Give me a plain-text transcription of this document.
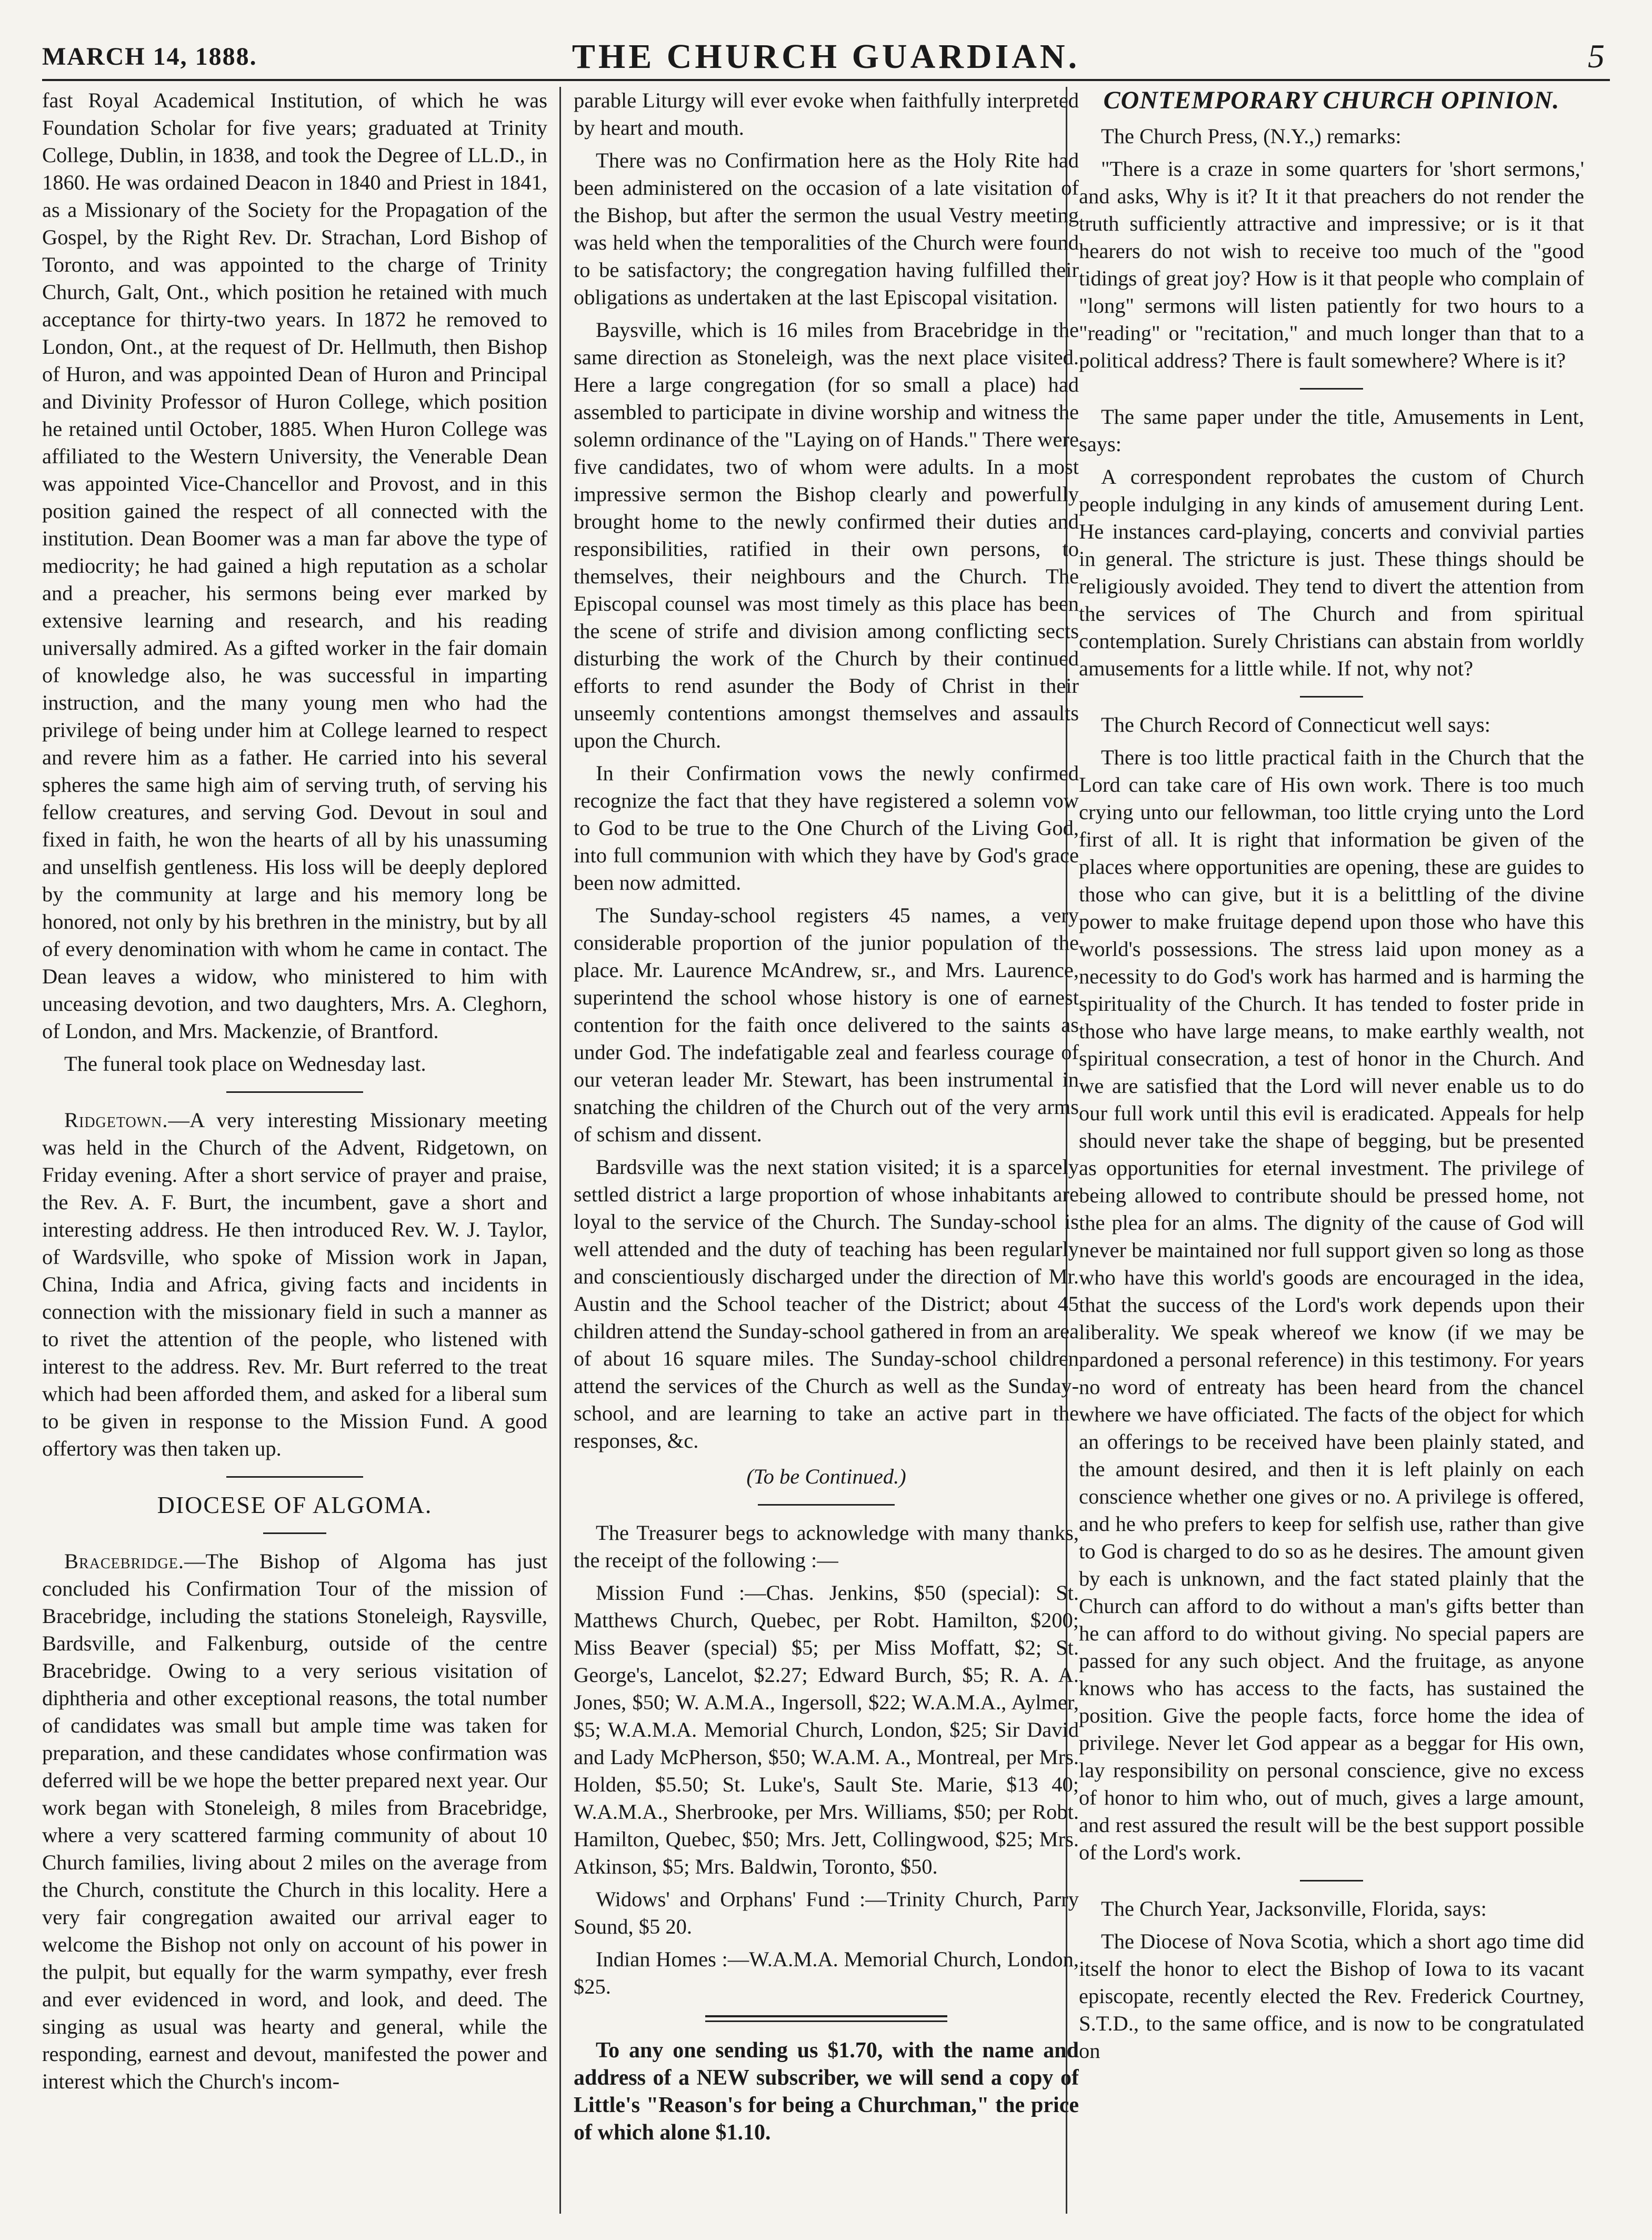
MARCH 14, 1888.	THE CHURCH GUARDIAN.	5

fast Royal Academical Institution, of which he was Foundation Scholar for five years; graduated at Trinity College, Dublin, in 1838, and took the Degree of LL.D., in 1860. He was ordained Deacon in 1840 and Priest in 1841, as a Missionary of the Society for the Propagation of the Gospel, by the Right Rev. Dr. Strachan, Lord Bishop of Toronto, and was appointed to the charge of Trinity Church, Galt, Ont., which position he retained with much acceptance for thirty-two years. In 1872 he removed to London, Ont., at the request of Dr. Hellmuth, then Bishop of Huron, and was appointed Dean of Huron and Principal and Divinity Professor of Huron College, which position he retained until October, 1885. When Huron College was affiliated to the Western University, the Venerable Dean was appointed Vice-Chancellor and Provost, and in this position gained the respect of all connected with the institution. Dean Boomer was a man far above the type of mediocrity; he had gained a high reputation as a scholar and a preacher, his sermons being ever marked by extensive learning and research, and his reading universally admired. As a gifted worker in the fair domain of knowledge also, he was successful in imparting instruction, and the many young men who had the privilege of being under him at College learned to respect and revere him as a father. He carried into his several spheres the same high aim of serving truth, of serving his fellow creatures, and serving God. Devout in soul and fixed in faith, he won the hearts of all by his unassuming and unselfish gentleness. His loss will be deeply deplored by the community at large and his memory long be honored, not only by his brethren in the ministry, but by all of every denomination with whom he came in contact. The Dean leaves a widow, who ministered to him with unceasing devotion, and two daughters, Mrs. A. Cleghorn, of London, and Mrs. Mackenzie, of Brantford.

The funeral took place on Wednesday last.

Ridgetown.—A very interesting Missionary meeting was held in the Church of the Advent, Ridgetown, on Friday evening. After a short service of prayer and praise, the Rev. A. F. Burt, the incumbent, gave a short and interesting address. He then introduced Rev. W. J. Taylor, of Wardsville, who spoke of Mission work in Japan, China, India and Africa, giving facts and incidents in connection with the missionary field in such a manner as to rivet the attention of the people, who listened with interest to the address. Rev. Mr. Burt referred to the treat which had been afforded them, and asked for a liberal sum to be given in response to the Mission Fund. A good offertory was then taken up.

DIOCESE OF ALGOMA.

Bracebridge.—The Bishop of Algoma has just concluded his Confirmation Tour of the mission of Bracebridge, including the stations Stoneleigh, Raysville, Bardsville, and Falkenburg, outside of the centre Bracebridge. Owing to a very serious visitation of diphtheria and other exceptional reasons, the total number of candidates was small but ample time was taken for preparation, and these candidates whose confirmation was deferred will be we hope the better prepared next year. Our work began with Stoneleigh, 8 miles from Bracebridge, where a very scattered farming community of about 10 Church families, living about 2 miles on the average from the Church, constitute the Church in this locality. Here a very fair congregation awaited our arrival eager to welcome the Bishop not only on account of his power in the pulpit, but equally for the warm sympathy, ever fresh and ever evidenced in word, and look, and deed. The singing as usual was hearty and general, while the responding, earnest and devout, manifested the power and interest which the Church's incom-

parable Liturgy will ever evoke when faithfully interpreted by heart and mouth.

There was no Confirmation here as the Holy Rite had been administered on the occasion of a late visitation of the Bishop, but after the sermon the usual Vestry meeting was held when the temporalities of the Church were found to be satisfactory; the congregation having fulfilled their obligations as undertaken at the last Episcopal visitation.

Baysville, which is 16 miles from Bracebridge in the same direction as Stoneleigh, was the next place visited. Here a large congregation (for so small a place) had assembled to participate in divine worship and witness the solemn ordinance of the "Laying on of Hands." There were five candidates, two of whom were adults. In a most impressive sermon the Bishop clearly and powerfully brought home to the newly confirmed their duties and responsibilities, ratified in their own persons, to themselves, their neighbours and the Church. The Episcopal counsel was most timely as this place has been the scene of strife and division among conflicting sects disturbing the work of the Church by their continued efforts to rend asunder the Body of Christ in their unseemly contentions amongst themselves and assaults upon the Church.

In their Confirmation vows the newly confirmed recognize the fact that they have registered a solemn vow to God to be true to the One Church of the Living God, into full communion with which they have by God's grace been now admitted.

The Sunday-school registers 45 names, a very considerable proportion of the junior population of the place. Mr. Laurence McAndrew, sr., and Mrs. Laurence, superintend the school whose history is one of earnest contention for the faith once delivered to the saints as under God. The indefatigable zeal and fearless courage of our veteran leader Mr. Stewart, has been instrumental in snatching the children of the Church out of the very arms of schism and dissent.

Bardsville was the next station visited; it is a sparcely settled district a large proportion of whose inhabitants are loyal to the service of the Church. The Sunday-school is well attended and the duty of teaching has been regularly and conscientiously discharged under the direction of Mr. Austin and the School teacher of the District; about 45 children attend the Sunday-school gathered in from an area of about 16 square miles. The Sunday-school children attend the services of the Church as well as the Sunday-school, and are learning to take an active part in the responses, &c.

(To be Continued.)

The Treasurer begs to acknowledge with many thanks, the receipt of the following :—

Mission Fund :—Chas. Jenkins, $50 (special): St. Matthews Church, Quebec, per Robt. Hamilton, $200; Miss Beaver (special) $5; per Miss Moffatt, $2; St. George's, Lancelot, $2.27; Edward Burch, $5; R. A. A. Jones, $50; W. A.M.A., Ingersoll, $22; W.A.M.A., Aylmer, $5; W.A.M.A. Memorial Church, London, $25; Sir David and Lady McPherson, $50; W.A.M. A., Montreal, per Mrs. Holden, $5.50; St. Luke's, Sault Ste. Marie, $13 40; W.A.M.A., Sherbrooke, per Mrs. Williams, $50; per Robt. Hamilton, Quebec, $50; Mrs. Jett, Collingwood, $25; Mrs. Atkinson, $5; Mrs. Baldwin, Toronto, $50.

Widows' and Orphans' Fund :—Trinity Church, Parry Sound, $5 20.

Indian Homes :—W.A.M.A. Memorial Church, London, $25.

To any one sending us $1.70, with the name and address of a NEW subscriber, we will send a copy of Little's "Reason's for being a Churchman," the price of which alone $1.10.

CONTEMPORARY CHURCH OPINION.

The Church Press, (N.Y.,) remarks:

"There is a craze in some quarters for 'short sermons,' and asks, Why is it? It it that preachers do not render the truth sufficiently attractive and impressive; or is it that hearers do not wish to receive too much of the "good tidings of great joy? How is it that people who complain of "long" sermons will listen patiently for two hours to a "reading" or "recitation," and much longer than that to a political address? There is fault somewhere? Where is it?

The same paper under the title, Amusements in Lent, says:

A correspondent reprobates the custom of Church people indulging in any kinds of amusement during Lent. He instances card-playing, concerts and convivial parties in general. The stricture is just. These things should be religiously avoided. They tend to divert the attention from the services of The Church and from spiritual contemplation. Surely Christians can abstain from worldly amusements for a little while. If not, why not?

The Church Record of Connecticut well says:

There is too little practical faith in the Church that the Lord can take care of His own work. There is too much crying unto our fellowman, too little crying unto the Lord first of all. It is right that information be given of the places where opportunities are opening, these are guides to those who can give, but it is a belittling of the divine power to make fruitage depend upon those who have this world's possessions. The stress laid upon money as a necessity to do God's work has harmed and is harming the spirituality of the Church. It has tended to foster pride in those who have large means, to make earthly wealth, not spiritual consecration, a test of honor in the Church. And we are satisfied that the Lord will never enable us to do our full work until this evil is eradicated. Appeals for help should never take the shape of begging, but be presented as opportunities for eternal investment. The privilege of being allowed to contribute should be pressed home, not the plea for an alms. The dignity of the cause of God will never be maintained nor full support given so long as those who have this world's goods are encouraged in the idea, that the success of the Lord's work depends upon their liberality. We speak whereof we know (if we may be pardoned a personal reference) in this testimony. For years no word of entreaty has been heard from the chancel where we have officiated. The facts of the object for which an offerings to be received have been plainly stated, and the amount desired, and then it is left plainly on each conscience whether one gives or no. A privilege is offered, and he who prefers to keep for selfish use, rather than give to God is charged to do so as he desires. The amount given by each is unknown, and the fact stated plainly that the Church can afford to do without a man's gifts better than he can afford to do without giving. No special papers are passed for any such object. And the fruitage, as anyone knows who has access to the facts, has sustained the position. Give the people facts, force home the idea of privilege. Never let God appear as a beggar for His own, lay responsibility on personal conscience, give no excess of honor to him who, out of much, gives a large amount, and rest assured the result will be the best support possible of the Lord's work.

The Church Year, Jacksonville, Florida, says:

The Diocese of Nova Scotia, which a short ago time did itself the honor to elect the Bishop of Iowa to its vacant episcopate, recently elected the Rev. Frederick Courtney, S.T.D., to the same office, and is now to be congratulated on
